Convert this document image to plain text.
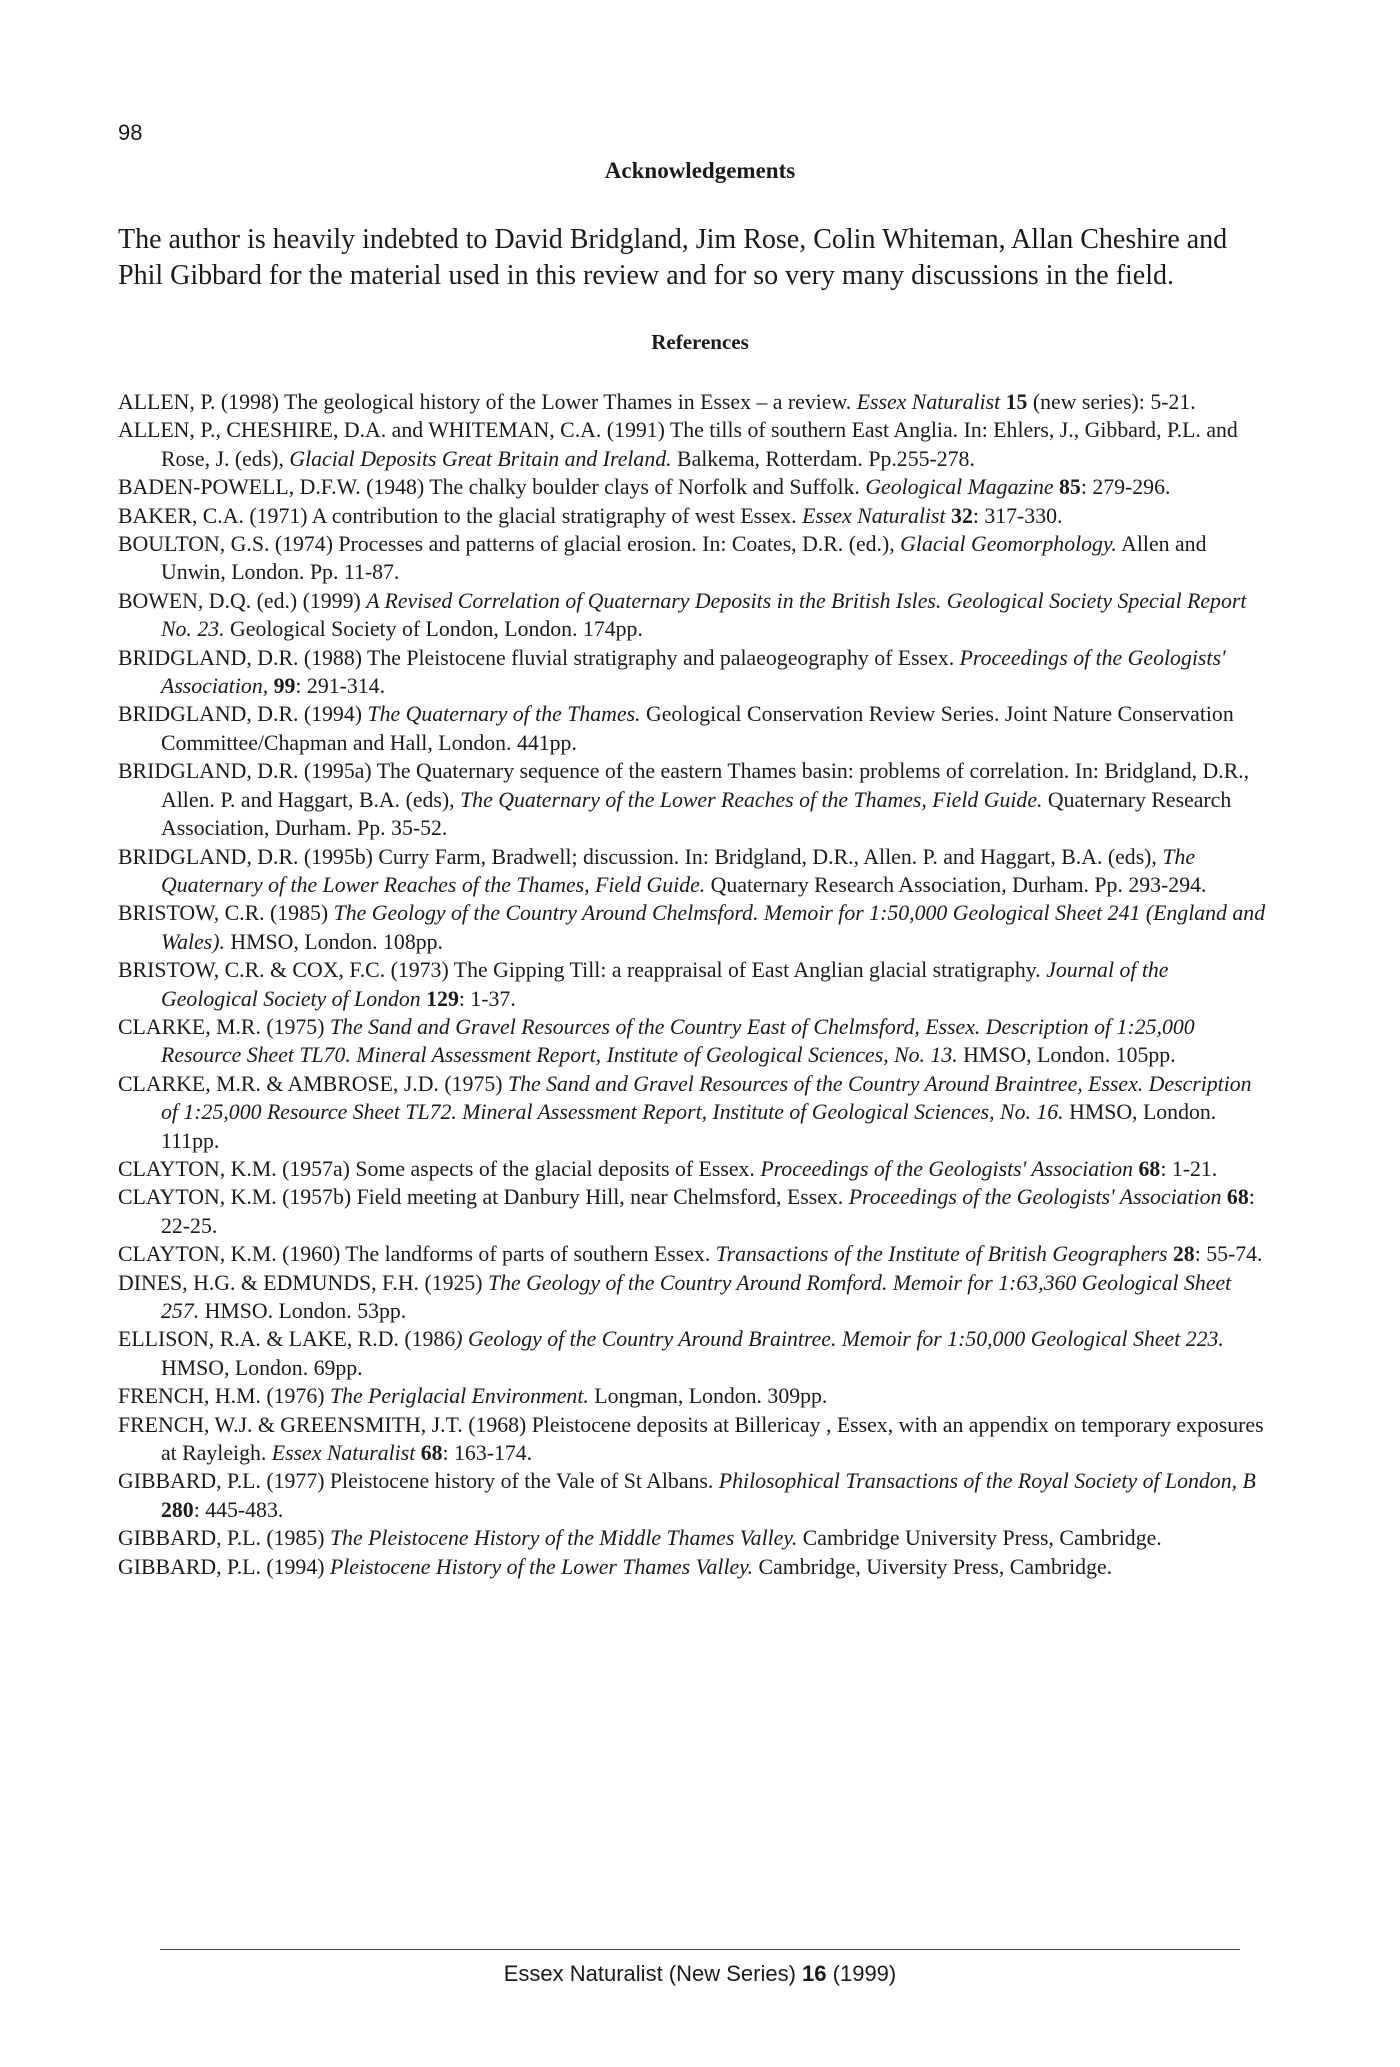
98
Acknowledgements
The author is heavily indebted to David Bridgland, Jim Rose, Colin Whiteman, Allan Cheshire and Phil Gibbard for the material used in this review and for so very many discussions in the field.
References
ALLEN, P. (1998) The geological history of the Lower Thames in Essex – a review. Essex Naturalist 15 (new series): 5-21.
ALLEN, P., CHESHIRE, D.A. and WHITEMAN, C.A. (1991) The tills of southern East Anglia. In: Ehlers, J., Gibbard, P.L. and Rose, J. (eds), Glacial Deposits Great Britain and Ireland. Balkema, Rotterdam. Pp.255-278.
BADEN-POWELL, D.F.W. (1948) The chalky boulder clays of Norfolk and Suffolk. Geological Magazine 85: 279-296.
BAKER, C.A. (1971) A contribution to the glacial stratigraphy of west Essex. Essex Naturalist 32: 317-330.
BOULTON, G.S. (1974) Processes and patterns of glacial erosion. In: Coates, D.R. (ed.), Glacial Geomorphology. Allen and Unwin, London. Pp. 11-87.
BOWEN, D.Q. (ed.) (1999) A Revised Correlation of Quaternary Deposits in the British Isles. Geological Society Special Report No. 23. Geological Society of London, London. 174pp.
BRIDGLAND, D.R. (1988) The Pleistocene fluvial stratigraphy and palaeogeography of Essex. Proceedings of the Geologists' Association, 99: 291-314.
BRIDGLAND, D.R. (1994) The Quaternary of the Thames. Geological Conservation Review Series. Joint Nature Conservation Committee/Chapman and Hall, London. 441pp.
BRIDGLAND, D.R. (1995a) The Quaternary sequence of the eastern Thames basin: problems of correlation. In: Bridgland, D.R., Allen. P. and Haggart, B.A. (eds), The Quaternary of the Lower Reaches of the Thames, Field Guide. Quaternary Research Association, Durham. Pp. 35-52.
BRIDGLAND, D.R. (1995b) Curry Farm, Bradwell; discussion. In: Bridgland, D.R., Allen. P. and Haggart, B.A. (eds), The Quaternary of the Lower Reaches of the Thames, Field Guide. Quaternary Research Association, Durham. Pp. 293-294.
BRISTOW, C.R. (1985) The Geology of the Country Around Chelmsford. Memoir for 1:50,000 Geological Sheet 241 (England and Wales). HMSO, London. 108pp.
BRISTOW, C.R. & COX, F.C. (1973) The Gipping Till: a reappraisal of East Anglian glacial stratigraphy. Journal of the Geological Society of London 129: 1-37.
CLARKE, M.R. (1975) The Sand and Gravel Resources of the Country East of Chelmsford, Essex. Description of 1:25,000 Resource Sheet TL70. Mineral Assessment Report, Institute of Geological Sciences, No. 13. HMSO, London. 105pp.
CLARKE, M.R. & AMBROSE, J.D. (1975) The Sand and Gravel Resources of the Country Around Braintree, Essex. Description of 1:25,000 Resource Sheet TL72. Mineral Assessment Report, Institute of Geological Sciences, No. 16. HMSO, London. 111pp.
CLAYTON, K.M. (1957a) Some aspects of the glacial deposits of Essex. Proceedings of the Geologists' Association 68: 1-21.
CLAYTON, K.M. (1957b) Field meeting at Danbury Hill, near Chelmsford, Essex. Proceedings of the Geologists' Association 68: 22-25.
CLAYTON, K.M. (1960) The landforms of parts of southern Essex. Transactions of the Institute of British Geographers 28: 55-74.
DINES, H.G. & EDMUNDS, F.H. (1925) The Geology of the Country Around Romford. Memoir for 1:63,360 Geological Sheet 257. HMSO. London. 53pp.
ELLISON, R.A. & LAKE, R.D. (1986) Geology of the Country Around Braintree. Memoir for 1:50,000 Geological Sheet 223. HMSO, London. 69pp.
FRENCH, H.M. (1976) The Periglacial Environment. Longman, London. 309pp.
FRENCH, W.J. & GREENSMITH, J.T. (1968) Pleistocene deposits at Billericay , Essex, with an appendix on temporary exposures at Rayleigh. Essex Naturalist 68: 163-174.
GIBBARD, P.L. (1977) Pleistocene history of the Vale of St Albans. Philosophical Transactions of the Royal Society of London, B 280: 445-483.
GIBBARD, P.L. (1985) The Pleistocene History of the Middle Thames Valley. Cambridge University Press, Cambridge.
GIBBARD, P.L. (1994) Pleistocene History of the Lower Thames Valley. Cambridge, Uiversity Press, Cambridge.
Essex Naturalist (New Series) 16 (1999)
